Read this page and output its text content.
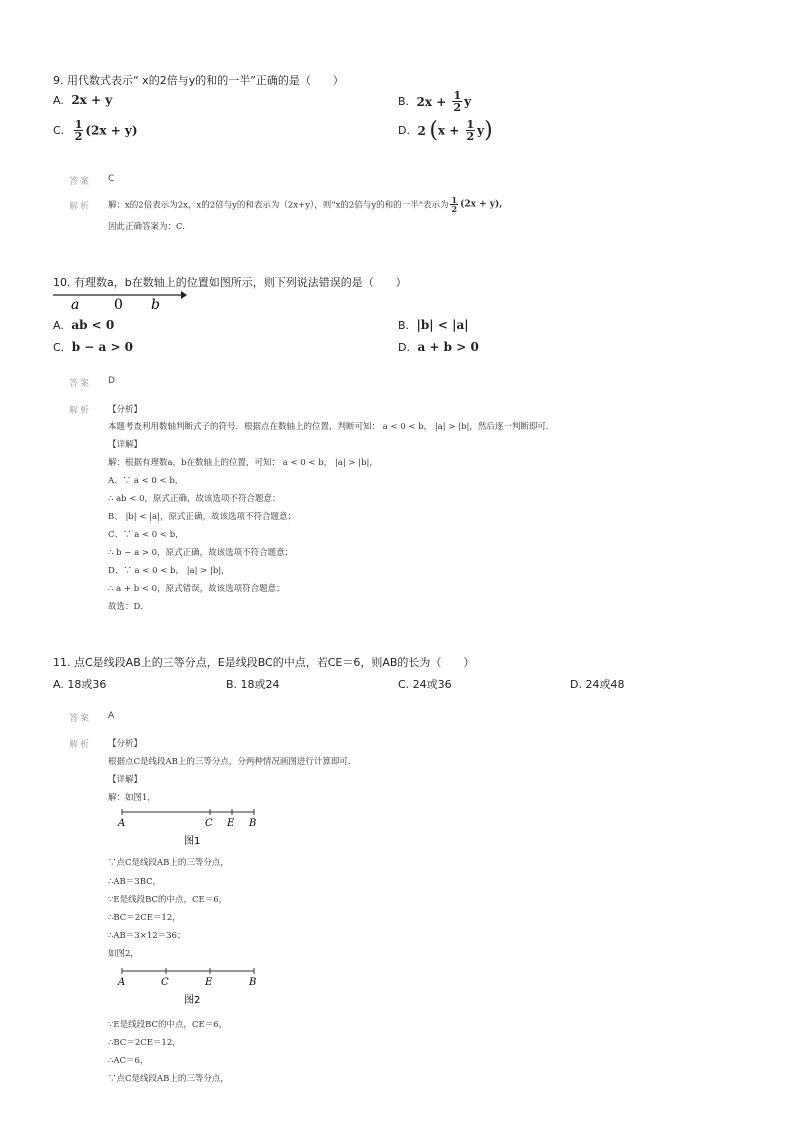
9. 用代数式表示“ x的2倍与y的和的一半”正确的是（　　）
A. 2x + y	B. $2x + \frac{1}{2}$ y
C. $\frac{1}{2} (2x + y)$	D. 2 $(x + \frac{1}{2} y)$
答案 C
解析 解：x的2倍表示为2x，x的2倍与y的和表示为（2x+y），则“x的2倍与y的和的一半”表示为 $\frac{1}{2} (2x + y)$,
因此正确答案为：C.
10. 有理数a，b在数轴上的位置如图所示，则下列说法错误的是（　　）
a 0 b
A. ab < 0	B. |b| < |a|
C. b − a > 0	D. a + b > 0
答案 D
解析 【分析】
本题考查利用数轴判断式子的符号．根据点在数轴上的位置，判断可知： a < 0 < b， |a| > |b|，然后逐一判断即可．
【详解】
解：根据有理数a，b在数轴上的位置，可知： a < 0 < b， |a| > |b|，
A、∵ a < 0 < b，
∴ ab < 0，原式正确，故该选项不符合题意；
B、 |b| < |a|，原式正确，故该选项不符合题意；
C、∵ a < 0 < b，
∴ b − a > 0，原式正确，故该选项不符合题意；
D、∵ a < 0 < b， |a| > |b|，
∴ a + b < 0，原式错误，故该选项符合题意；
故选：D.
11. 点C是线段AB上的三等分点，E是线段BC的中点，若CE＝6，则AB的长为（　　）
A. 18或36	B. 18或24	C. 24或36	D. 24或48
答案 A
解析 【分析】
根据点C是线段AB上的三等分点，分两种情况画图进行计算即可．
【详解】
解：如图1，
A	C E B
图1
∵点C是线段AB上的三等分点，
∴AB＝3BC，
∵E是线段BC的中点，CE＝6，
∴BC＝2CE＝12，
∴AB＝3×12＝36；
如图2，
A	C	E	B
图2
∵E是线段BC的中点，CE＝6，
∴BC＝2CE＝12，
∴AC＝6，
∵点C是线段AB上的三等分点，
